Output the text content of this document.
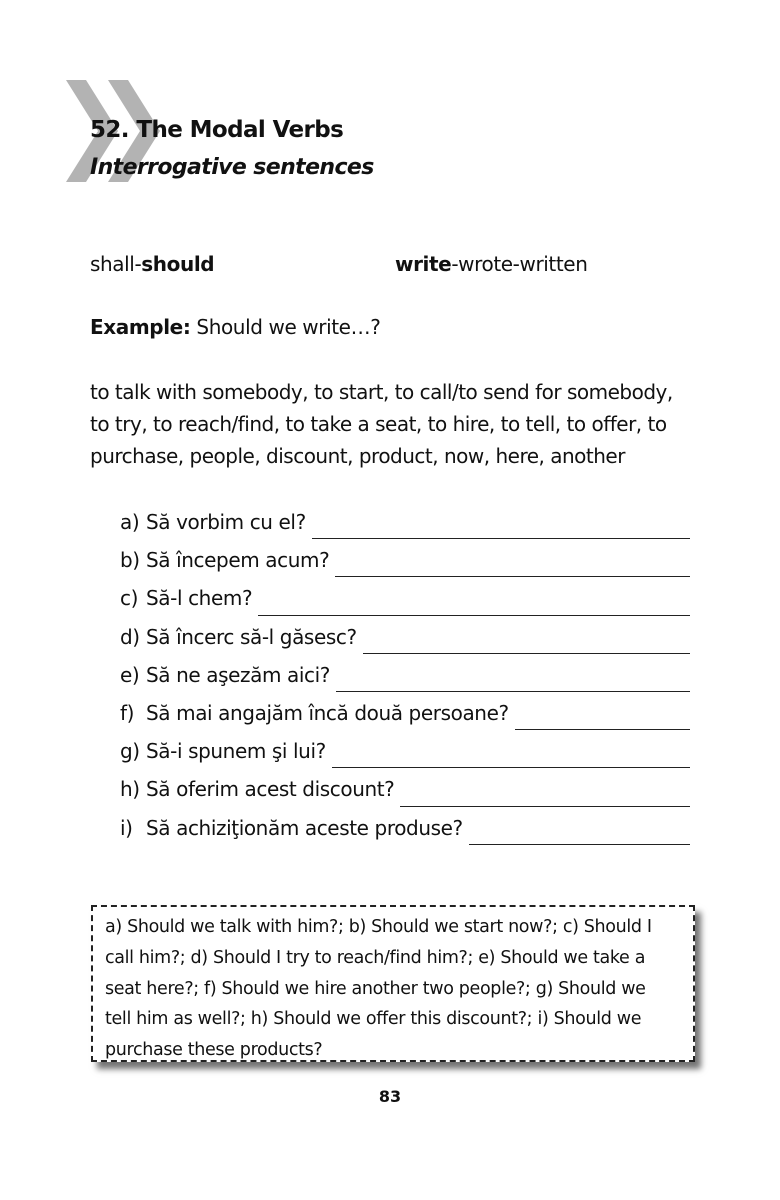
52. The Modal Verbs
Interrogative sentences
shall-should	write-wrote-written
Example: Should we write…?

to talk with somebody, to start, to call/to send for somebody,
to try, to reach/find, to take a seat, to hire, to tell, to offer, to
purchase, people, discount, product, now, here, another

a) Să vorbim cu el?
b) Să începem acum?
c) Să-l chem?
d) Să încerc să-l găsesc?
e) Să ne aşezăm aici?
f) Să mai angajăm încă două persoane?
g) Să-i spunem şi lui?
h) Să oferim acest discount?
i) Să achiziţionăm aceste produse?
a) Should we talk with him?; b) Should we start now?; c) Should I
call him?; d) Should I try to reach/find him?; e) Should we take a
seat here?; f) Should we hire another two people?; g) Should we
tell him as well?; h) Should we offer this discount?; i) Should we
purchase these products?
83
